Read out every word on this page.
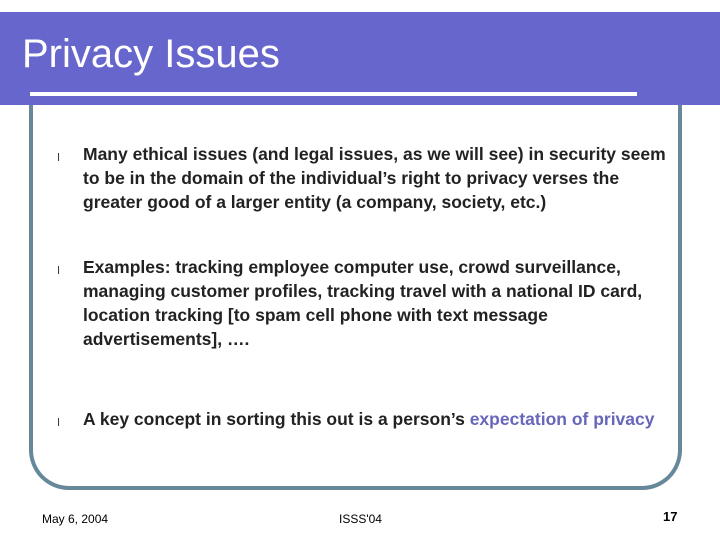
Privacy Issues
l Many ethical issues (and legal issues, as we will see) in security seem to be in the domain of the individual’s right to privacy verses the greater good of a larger entity (a company, society, etc.)
l Examples: tracking employee computer use, crowd surveillance, managing customer profiles, tracking travel with a national ID card, location tracking [to spam cell phone with text message advertisements], ….
l A key concept in sorting this out is a person’s expectation of privacy
May 6, 2004	ISSS'04	17
